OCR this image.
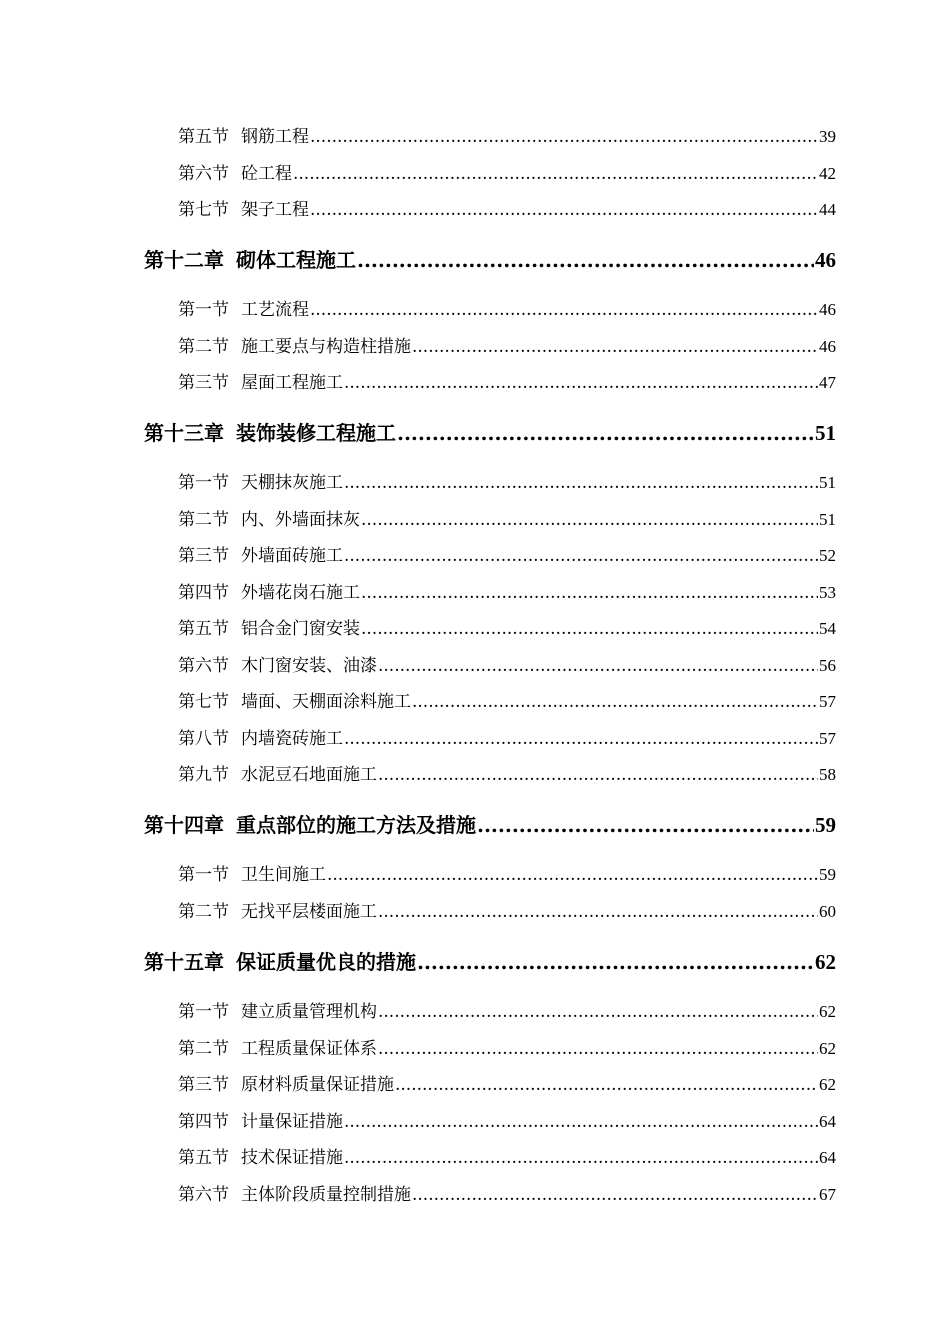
第五节 钢筋工程 .....	39
第六节 砼工程 .....	42
第七节 架子工程 .....	44
第十二章 砌体工程施工 .....	46
第一节 工艺流程 .....	46
第二节 施工要点与构造柱措施 .....	46
第三节 屋面工程施工 .....	47
第十三章 装饰装修工程施工 .....	51
第一节 天棚抹灰施工 .....	51
第二节 内、外墙面抹灰 .....	51
第三节 外墙面砖施工 .....	52
第四节 外墙花岗石施工 .....	53
第五节 铝合金门窗安装 .....	54
第六节 木门窗安装、油漆 .....	56
第七节 墙面、天棚面涂料施工 .....	57
第八节 内墙瓷砖施工 .....	57
第九节 水泥豆石地面施工 .....	58
第十四章 重点部位的施工方法及措施 .....	59
第一节 卫生间施工 .....	59
第二节 无找平层楼面施工 .....	60
第十五章 保证质量优良的措施 .....	62
第一节 建立质量管理机构 .....	62
第二节 工程质量保证体系 .....	62
第三节 原材料质量保证措施 .....	62
第四节 计量保证措施 .....	64
第五节 技术保证措施 .....	64
第六节 主体阶段质量控制措施 .....	67
